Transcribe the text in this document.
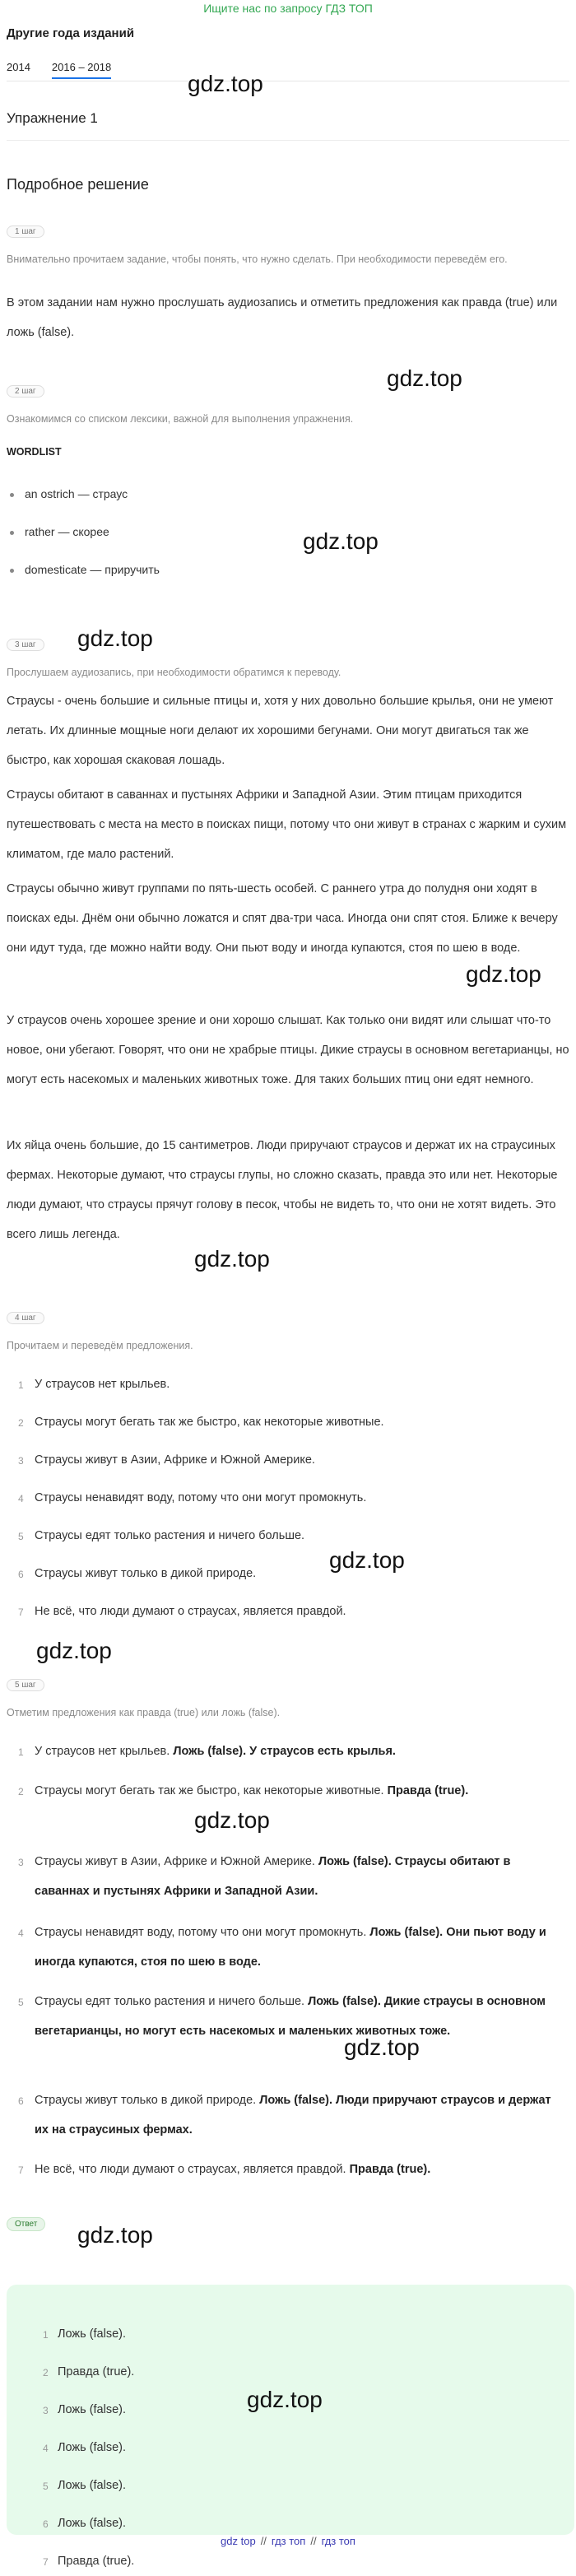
Ищите нас по запросу ГДЗ ТОП
Другие года изданий
2014 2016 – 2018
Упражнение 1
Подробное решение
1 шаг
Внимательно прочитаем задание, чтобы понять, что нужно сделать. При необходимости переведём его.
В этом задании нам нужно прослушать аудиозапись и отметить предложения как правда (true) или ложь (false).
2 шаг
Ознакомимся со списком лексики, важной для выполнения упражнения.
WORDLIST
an ostrich — страус
rather — скорее
domesticate — приручить
3 шаг
Прослушаем аудиозапись, при необходимости обратимся к переводу.
Страусы - очень большие и сильные птицы и, хотя у них довольно большие крылья, они не умеют летать. Их длинные мощные ноги делают их хорошими бегунами. Они могут двигаться так же быстро, как хорошая скаковая лошадь.
Страусы обитают в саваннах и пустынях Африки и Западной Азии. Этим птицам приходится путешествовать с места на место в поисках пищи, потому что они живут в странах с жарким и сухим климатом, где мало растений.
Страусы обычно живут группами по пять-шесть особей. С раннего утра до полудня они ходят в поисках еды. Днём они обычно ложатся и спят два-три часа. Иногда они спят стоя. Ближе к вечеру они идут туда, где можно найти воду. Они пьют воду и иногда купаются, стоя по шею в воде.
У страусов очень хорошее зрение и они хорошо слышат. Как только они видят или слышат что-то новое, они убегают. Говорят, что они не храбрые птицы. Дикие страусы в основном вегетарианцы, но могут есть насекомых и маленьких животных тоже. Для таких больших птиц они едят немного.
Их яйца очень большие, до 15 сантиметров. Люди приручают страусов и держат их на страусиных фермах. Некоторые думают, что страусы глупы, но сложно сказать, правда это или нет. Некоторые люди думают, что страусы прячут голову в песок, чтобы не видеть то, что они не хотят видеть. Это всего лишь легенда.
4 шаг
Прочитаем и переведём предложения.
1 У страусов нет крыльев.
2 Страусы могут бегать так же быстро, как некоторые животные.
3 Страусы живут в Азии, Африке и Южной Америке.
4 Страусы ненавидят воду, потому что они могут промокнуть.
5 Страусы едят только растения и ничего больше.
6 Страусы живут только в дикой природе.
7 Не всё, что люди думают о страусах, является правдой.
5 шаг
Отметим предложения как правда (true) или ложь (false).
1 У страусов нет крыльев. Ложь (false). У страусов есть крылья.
2 Страусы могут бегать так же быстро, как некоторые животные. Правда (true).
3 Страусы живут в Азии, Африке и Южной Америке. Ложь (false). Страусы обитают в саваннах и пустынях Африки и Западной Азии.
4 Страусы ненавидят воду, потому что они могут промокнуть. Ложь (false). Они пьют воду и иногда купаются, стоя по шею в воде.
5 Страусы едят только растения и ничего больше. Ложь (false). Дикие страусы в основном вегетарианцы, но могут есть насекомых и маленьких животных тоже.
6 Страусы живут только в дикой природе. Ложь (false). Люди приручают страусов и держат их на страусиных фермах.
7 Не всё, что люди думают о страусах, является правдой. Правда (true).
Ответ
1 Ложь (false).
2 Правда (true).
3 Ложь (false).
4 Ложь (false).
5 Ложь (false).
6 Ложь (false).
7 Правда (true).
gdz.top
gdz.top
gdz.top
gdz.top
gdz.top
gdz.top
gdz.top
gdz.top
gdz.top
gdz.top
gdz.top
gdz.top
gdz top // гдз топ // гдз топ
